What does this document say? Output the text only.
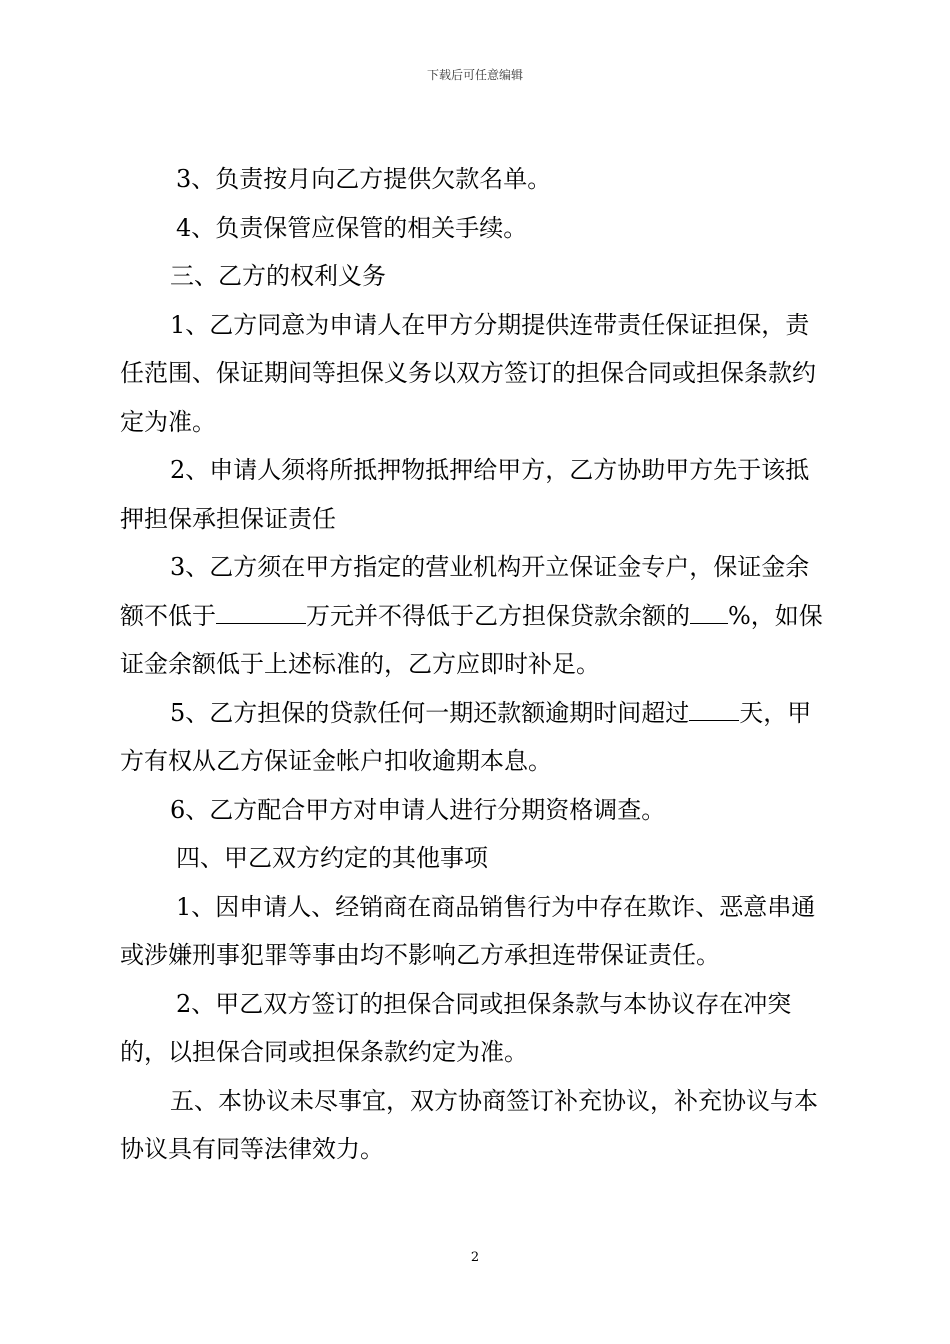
下载后可任意编辑

3、负责按月向乙方提供欠款名单。

4、负责保管应保管的相关手续。

三、乙方的权利义务

1、乙方同意为申请人在甲方分期提供连带责任保证担保，责任范围、保证期间等担保义务以双方签订的担保合同或担保条款约定为准。

2、申请人须将所抵押物抵押给甲方，乙方协助甲方先于该抵押担保承担保证责任

3、乙方须在甲方指定的营业机构开立保证金专户，保证金余额不低于	万元并不得低于乙方担保贷款余额的 %，如保证金余额低于上述标准的，乙方应即时补足。

5、乙方担保的贷款任何一期还款额逾期时间超过 天，甲方有权从乙方保证金帐户扣收逾期本息。

6、乙方配合甲方对申请人进行分期资格调查。

四、甲乙双方约定的其他事项

1、因申请人、经销商在商品销售行为中存在欺诈、恶意串通或涉嫌刑事犯罪等事由均不影响乙方承担连带保证责任。

2、甲乙双方签订的担保合同或担保条款与本协议存在冲突的，以担保合同或担保条款约定为准。

五、本协议未尽事宜，双方协商签订补充协议，补充协议与本协议具有同等法律效力。

2
